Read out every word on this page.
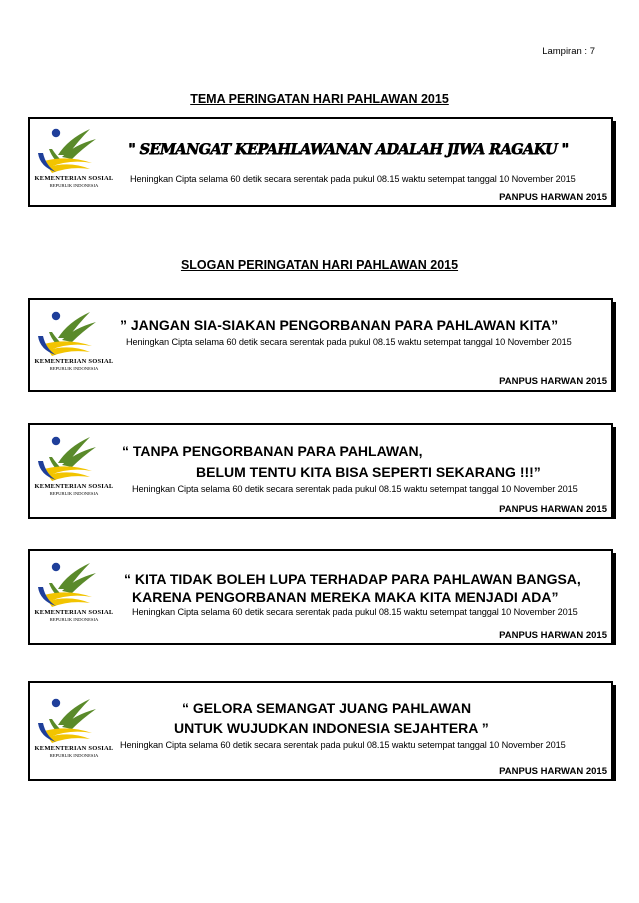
Lampiran : 7
TEMA PERINGATAN HARI PAHLAWAN 2015
KEMENTERIAN SOSIAL
REPUBLIK INDONESIA
" SEMANGAT KEPAHLAWANAN ADALAH JIWA RAGAKU "
Heningkan Cipta selama 60 detik secara serentak pada pukul 08.15 waktu setempat tanggal 10 November 2015
PANPUS HARWAN 2015
SLOGAN PERINGATAN HARI PAHLAWAN 2015
KEMENTERIAN SOSIAL
REPUBLIK INDONESIA
” JANGAN SIA-SIAKAN PENGORBANAN PARA PAHLAWAN KITA”
Heningkan Cipta selama 60 detik secara serentak pada pukul 08.15 waktu setempat tanggal 10 November 2015
PANPUS HARWAN 2015
KEMENTERIAN SOSIAL
REPUBLIK INDONESIA
“ TANPA PENGORBANAN PARA PAHLAWAN,
BELUM TENTU KITA BISA SEPERTI SEKARANG !!!”
Heningkan Cipta selama 60 detik secara serentak pada pukul 08.15 waktu setempat tanggal 10 November 2015
PANPUS HARWAN 2015
KEMENTERIAN SOSIAL
REPUBLIK INDONESIA
“ KITA TIDAK BOLEH LUPA TERHADAP PARA PAHLAWAN BANGSA,
KARENA PENGORBANAN MEREKA MAKA KITA MENJADI ADA”
Heningkan Cipta selama 60 detik secara serentak pada pukul 08.15 waktu setempat tanggal 10 November 2015
PANPUS HARWAN 2015
KEMENTERIAN SOSIAL
REPUBLIK INDONESIA
“ GELORA SEMANGAT JUANG PAHLAWAN
UNTUK WUJUDKAN INDONESIA SEJAHTERA ”
Heningkan Cipta selama 60 detik secara serentak pada pukul 08.15 waktu setempat tanggal 10 November 2015
PANPUS HARWAN 2015
